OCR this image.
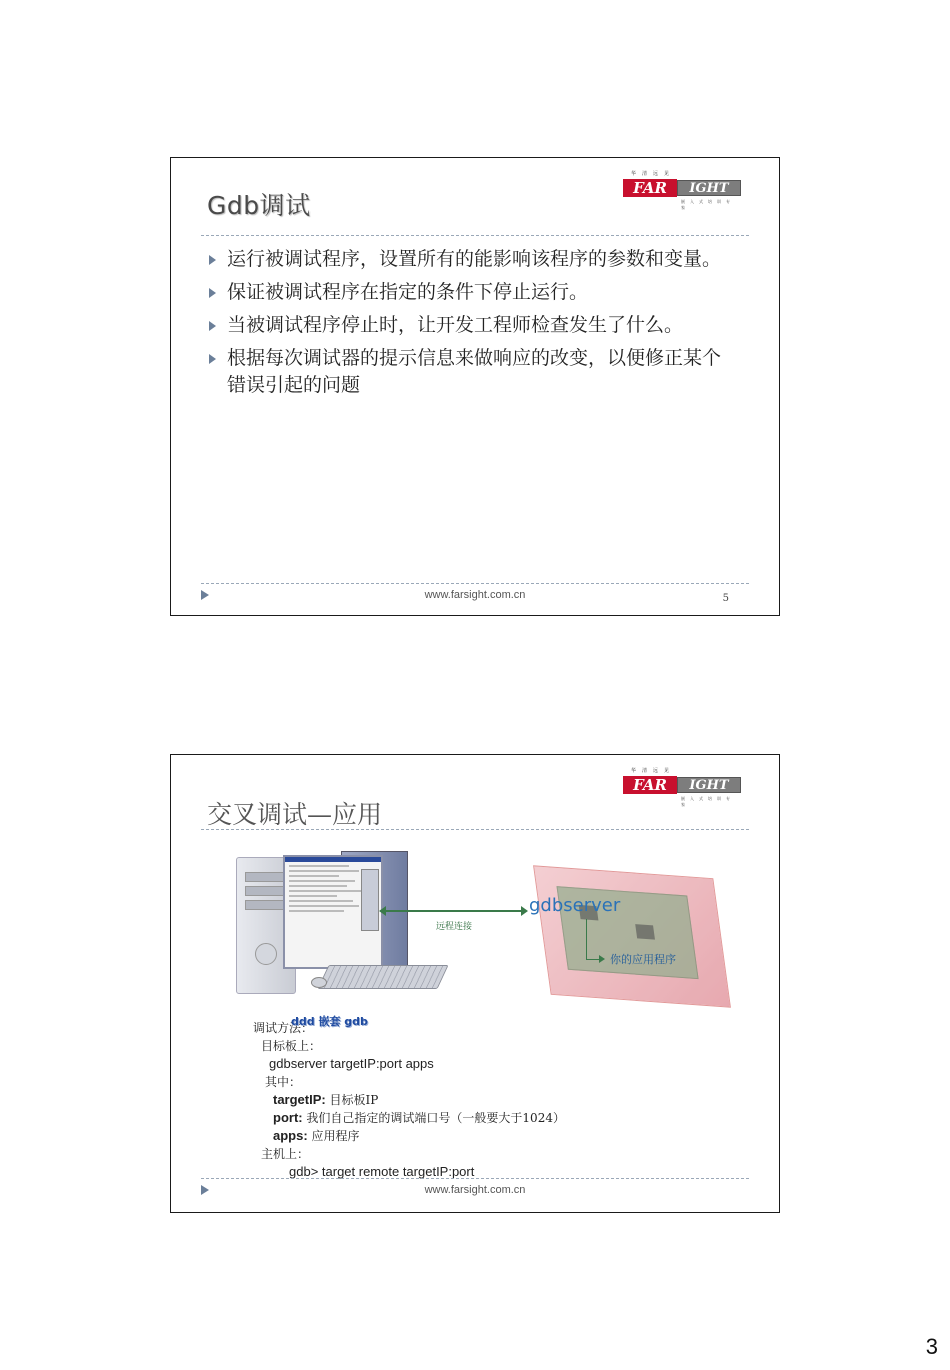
Gdb调试
华清远见
FAR	IGHT
嵌入式培训专家
运行被调试程序，设置所有的能影响该程序的参数和变量。
保证被调试程序在指定的条件下停止运行。
当被调试程序停止时，让开发工程师检查发生了什么。
根据每次调试器的提示信息来做响应的改变，以便修正某个错误引起的问题
www.farsight.com.cn	5
交叉调试—应用
华清远见
FAR	IGHT
嵌入式培训专家
远程连接
gdbserver
你的应用程序
调试方法：
目标板上：
gdbserver targetIP:port apps
其中：
targetIP: 目标板IP
port: 我们自己指定的调试端口号（一般要大于1024）
apps: 应用程序
主机上：
gdb> target remote targetIP:port
ddd 嵌套 gdb
www.farsight.com.cn
3
